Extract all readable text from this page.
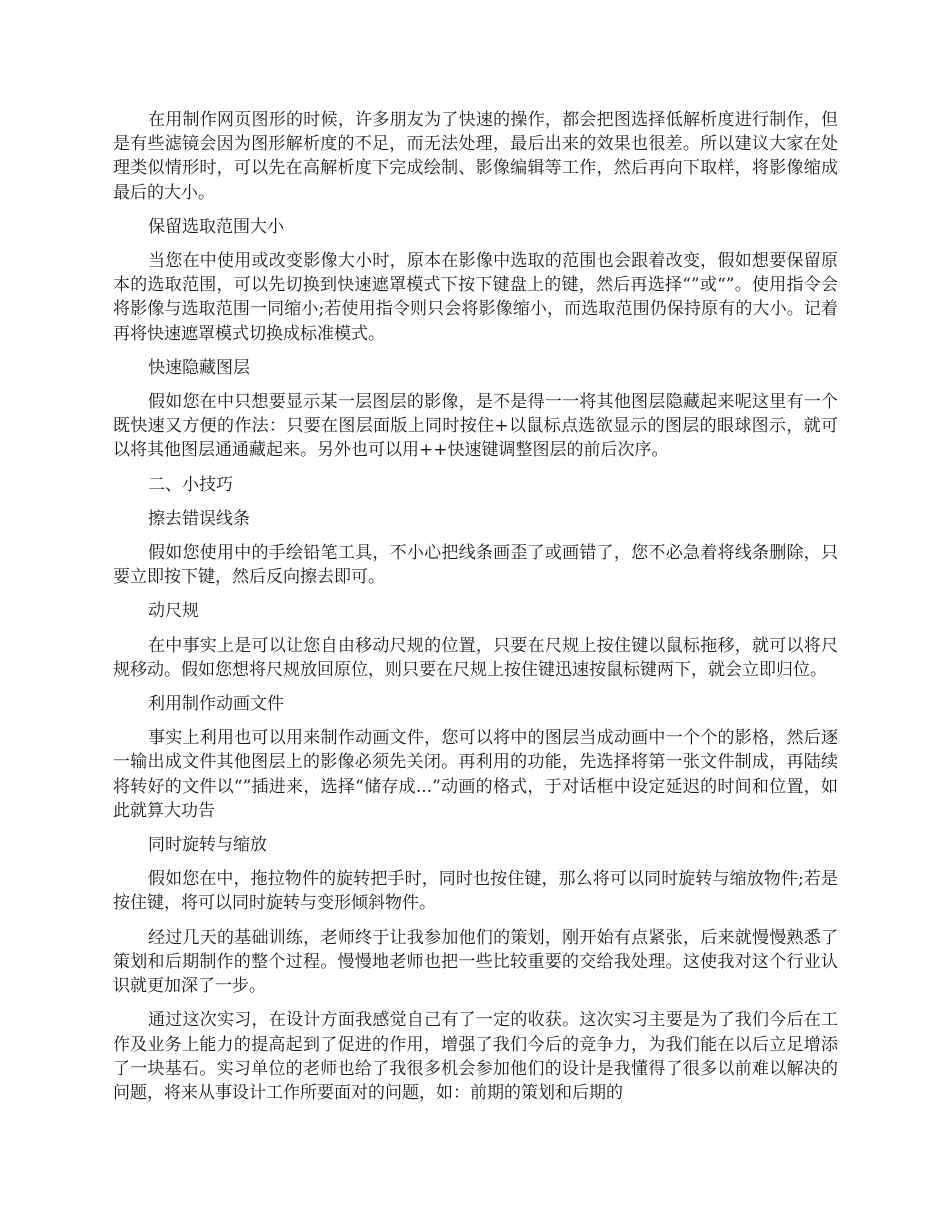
在用制作网页图形的时候，许多朋友为了快速的操作，都会把图选择低解析度进行制作，但是有些滤镜会因为图形解析度的不足，而无法处理，最后出来的效果也很差。所以建议大家在处理类似情形时，可以先在高解析度下完成绘制、影像编辑等工作，然后再向下取样，将影像缩成最后的大小。

保留选取范围大小

当您在中使用或改变影像大小时，原本在影像中选取的范围也会跟着改变，假如想要保留原本的选取范围，可以先切换到快速遮罩模式下按下键盘上的键，然后再选择“”或“”。使用指令会将影像与选取范围一同缩小;若使用指令则只会将影像缩小，而选取范围仍保持原有的大小。记着再将快速遮罩模式切换成标准模式。

快速隐藏图层

假如您在中只想要显示某一层图层的影像，是不是得一一将其他图层隐藏起来呢这里有一个既快速又方便的作法：只要在图层面版上同时按住+以鼠标点选欲显示的图层的眼球图示，就可以将其他图层通通藏起来。另外也可以用++快速键调整图层的前后次序。

二、小技巧

擦去错误线条

假如您使用中的手绘铅笔工具，不小心把线条画歪了或画错了，您不必急着将线条删除，只要立即按下键，然后反向擦去即可。

动尺规

在中事实上是可以让您自由移动尺规的位置，只要在尺规上按住键以鼠标拖移，就可以将尺规移动。假如您想将尺规放回原位，则只要在尺规上按住键迅速按鼠标键两下，就会立即归位。

利用制作动画文件

事实上利用也可以用来制作动画文件，您可以将中的图层当成动画中一个个的影格，然后逐一输出成文件其他图层上的影像必须先关闭。再利用的功能，先选择将第一张文件制成，再陆续将转好的文件以“”插进来，选择“储存成...”动画的格式，于对话框中设定延迟的时间和位置，如此就算大功告

同时旋转与缩放

假如您在中，拖拉物件的旋转把手时，同时也按住键，那么将可以同时旋转与缩放物件;若是按住键，将可以同时旋转与变形倾斜物件。

经过几天的基础训练，老师终于让我参加他们的策划，刚开始有点紧张，后来就慢慢熟悉了策划和后期制作的整个过程。慢慢地老师也把一些比较重要的交给我处理。这使我对这个行业认识就更加深了一步。

通过这次实习，在设计方面我感觉自己有了一定的收获。这次实习主要是为了我们今后在工作及业务上能力的提高起到了促进的作用，增强了我们今后的竞争力，为我们能在以后立足增添了一块基石。实习单位的老师也给了我很多机会参加他们的设计是我懂得了很多以前难以解决的问题，将来从事设计工作所要面对的问题，如：前期的策划和后期的
